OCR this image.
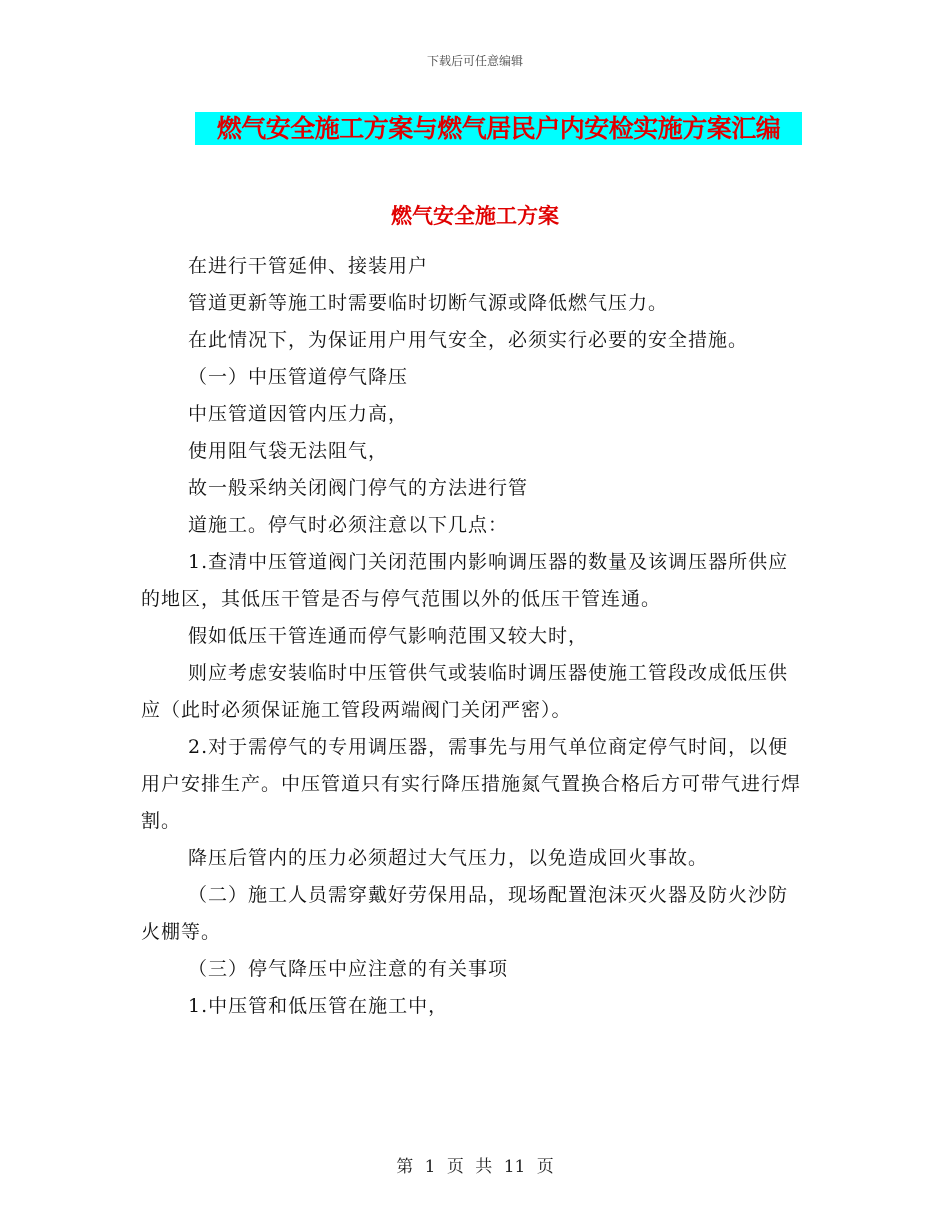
下载后可任意编辑
燃气安全施工方案与燃气居民户内安检实施方案汇编
燃气安全施工方案

在进行干管延伸、接装用户

管道更新等施工时需要临时切断气源或降低燃气压力。

在此情况下，为保证用户用气安全，必须实行必要的安全措施。

（一）中压管道停气降压

中压管道因管内压力高，

使用阻气袋无法阻气，

故一般采纳关闭阀门停气的方法进行管

道施工。停气时必须注意以下几点：

1.查清中压管道阀门关闭范围内影响调压器的数量及该调压器所供应的地区，其低压干管是否与停气范围以外的低压干管连通。

假如低压干管连通而停气影响范围又较大时，

则应考虑安装临时中压管供气或装临时调压器使施工管段改成低压供应（此时必须保证施工管段两端阀门关闭严密）。

2.对于需停气的专用调压器，需事先与用气单位商定停气时间，以便用户安排生产。中压管道只有实行降压措施氮气置换合格后方可带气进行焊割。

降压后管内的压力必须超过大气压力，以免造成回火事故。

（二）施工人员需穿戴好劳保用品，现场配置泡沫灭火器及防火沙防火棚等。

（三）停气降压中应注意的有关事项

1.中压管和低压管在施工中，

第 1 页 共 11 页
